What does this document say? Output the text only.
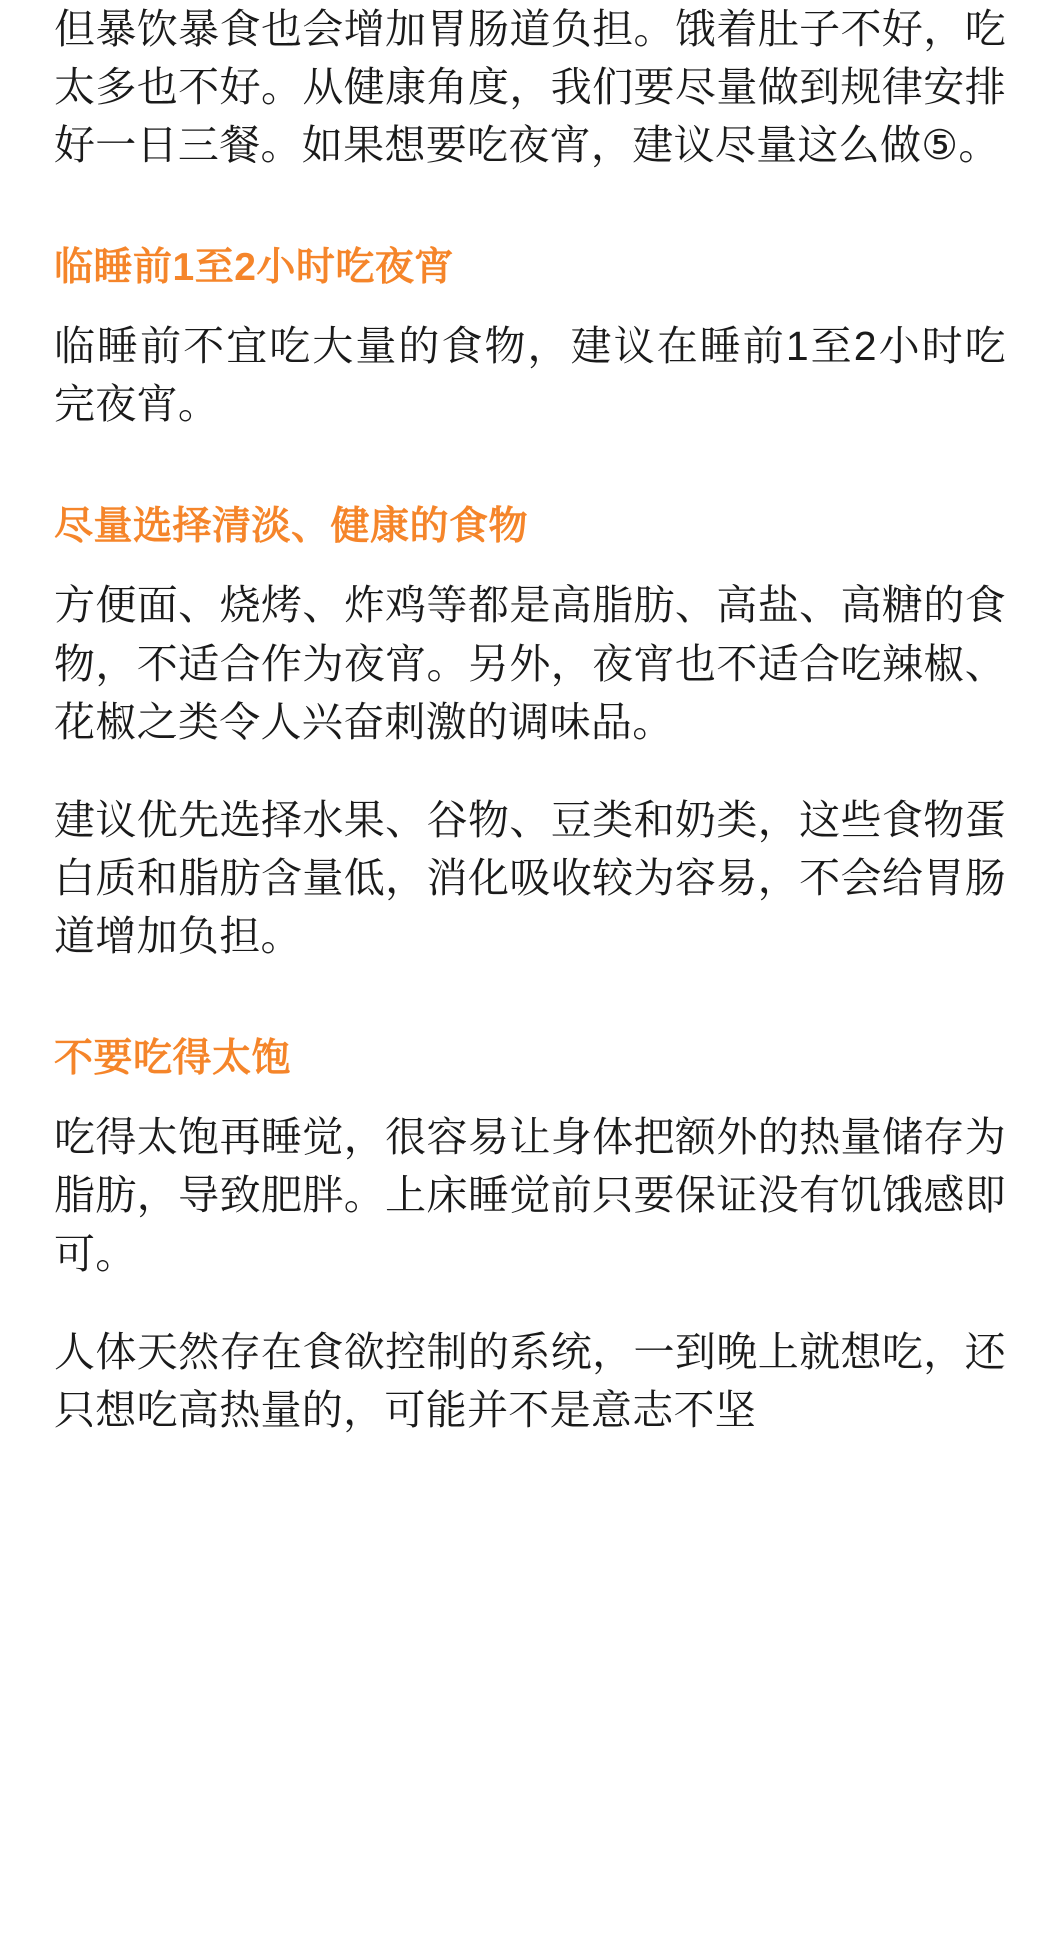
但暴饮暴食也会增加胃肠道负担。饿着肚子不好，吃太多也不好。从健康角度，我们要尽量做到规律安排好一日三餐。如果想要吃夜宵，建议尽量这么做⑤。

临睡前1至2小时吃夜宵

临睡前不宜吃大量的食物，建议在睡前1至2小时吃完夜宵。

尽量选择清淡、健康的食物

方便面、烧烤、炸鸡等都是高脂肪、高盐、高糖的食物，不适合作为夜宵。另外，夜宵也不适合吃辣椒、花椒之类令人兴奋刺激的调味品。

建议优先选择水果、谷物、豆类和奶类，这些食物蛋白质和脂肪含量低，消化吸收较为容易，不会给胃肠道增加负担。

不要吃得太饱

吃得太饱再睡觉，很容易让身体把额外的热量储存为脂肪，导致肥胖。上床睡觉前只要保证没有饥饿感即可。

人体天然存在食欲控制的系统，一到晚上就想吃，还只想吃高热量的，可能并不是意志不坚
